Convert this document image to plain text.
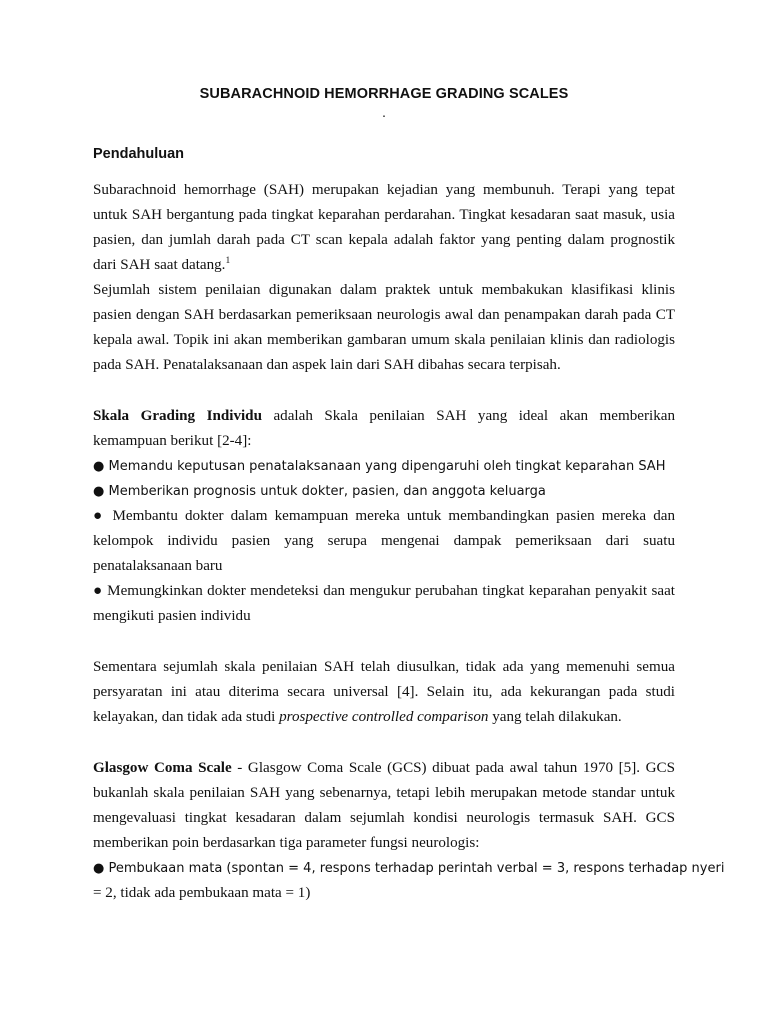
SUBARACHNOID HEMORRHAGE GRADING SCALES
.
Pendahuluan
Subarachnoid hemorrhage (SAH) merupakan kejadian yang membunuh. Terapi yang tepat
untuk SAH bergantung pada tingkat keparahan perdarahan. Tingkat kesadaran saat masuk, usia
pasien, dan jumlah darah pada CT scan kepala adalah faktor yang penting dalam prognostik
dari SAH saat datang.$^1$
Sejumlah sistem penilaian digunakan dalam praktek untuk membakukan klasifikasi klinis
pasien dengan SAH berdasarkan pemeriksaan neurologis awal dan penampakan darah pada CT
kepala awal. Topik ini akan memberikan gambaran umum skala penilaian klinis dan radiologis
pada SAH. Penatalaksanaan dan aspek lain dari SAH dibahas secara terpisah.
Skala Grading Individu adalah Skala penilaian SAH yang ideal akan memberikan
kemampuan berikut [2-4]:
● Memandu keputusan penatalaksanaan yang dipengaruhi oleh tingkat keparahan SAH
● Memberikan prognosis untuk dokter, pasien, dan anggota keluarga
● Membantu dokter dalam kemampuan mereka untuk membandingkan pasien mereka dan
kelompok individu pasien yang serupa mengenai dampak pemeriksaan dari suatu
penatalaksanaan baru
● Memungkinkan dokter mendeteksi dan mengukur perubahan tingkat keparahan penyakit saat
mengikuti pasien individu
Sementara sejumlah skala penilaian SAH telah diusulkan, tidak ada yang memenuhi semua
persyaratan ini atau diterima secara universal [4]. Selain itu, ada kekurangan pada studi
kelayakan, dan tidak ada studi prospective controlled comparison yang telah dilakukan.
Glasgow Coma Scale - Glasgow Coma Scale (GCS) dibuat pada awal tahun 1970 [5]. GCS
bukanlah skala penilaian SAH yang sebenarnya, tetapi lebih merupakan metode standar untuk
mengevaluasi tingkat kesadaran dalam sejumlah kondisi neurologis termasuk SAH. GCS
memberikan poin berdasarkan tiga parameter fungsi neurologis:
● Pembukaan mata (spontan = 4, respons terhadap perintah verbal = 3, respons terhadap nyeri
= 2, tidak ada pembukaan mata = 1)
